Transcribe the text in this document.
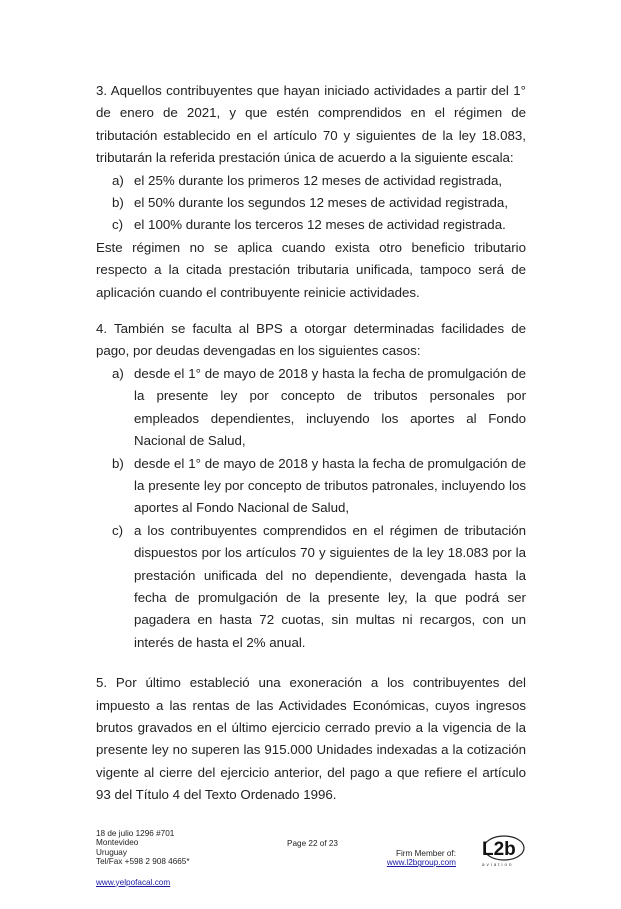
3. Aquellos contribuyentes que hayan iniciado actividades a partir del 1° de enero de 2021, y que estén comprendidos en el régimen de tributación establecido en el artículo 70 y siguientes de la ley 18.083, tributarán la referida prestación única de acuerdo a la siguiente escala:

a) el 25% durante los primeros 12 meses de actividad registrada,
b) el 50% durante los segundos 12 meses de actividad registrada,
c) el 100% durante los terceros 12 meses de actividad registrada.

Este régimen no se aplica cuando exista otro beneficio tributario respecto a la citada prestación tributaria unificada, tampoco será de aplicación cuando el contribuyente reinicie actividades.

4. También se faculta al BPS a otorgar determinadas facilidades de pago, por deudas devengadas en los siguientes casos:

a) desde el 1° de mayo de 2018 y hasta la fecha de promulgación de la presente ley por concepto de tributos personales por empleados dependientes, incluyendo los aportes al Fondo Nacional de Salud,
b) desde el 1° de mayo de 2018 y hasta la fecha de promulgación de la presente ley por concepto de tributos patronales, incluyendo los aportes al Fondo Nacional de Salud,
c) a los contribuyentes comprendidos en el régimen de tributación dispuestos por los artículos 70 y siguientes de la ley 18.083 por la prestación unificada del no dependiente, devengada hasta la fecha de promulgación de la presente ley, la que podrá ser pagadera en hasta 72 cuotas, sin multas ni recargos, con un interés de hasta el 2% anual.

5. Por último estableció una exoneración a los contribuyentes del impuesto a las rentas de las Actividades Económicas, cuyos ingresos brutos gravados en el último ejercicio cerrado previo a la vigencia de la presente ley no superen las 915.000 Unidades indexadas a la cotización vigente al cierre del ejercicio anterior, del pago a que refiere el artículo 93 del Título 4 del Texto Ordenado 1996.

18 de julio 1296 #701
Montevideo
Uruguay
Tel/Fax +598 2 908 4665*
Page 22 of 23
Firm Member of:
www.l2bgroup.com
www.yelpofacal.com
L2b
aviation
